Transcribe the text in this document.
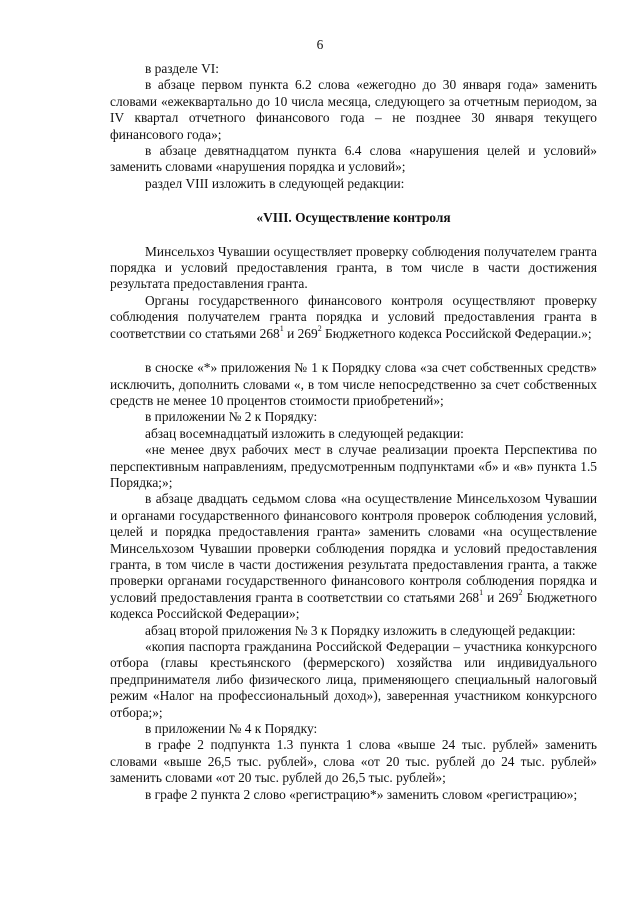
6

в разделе VI:

в абзаце первом пункта 6.2 слова «ежегодно до 30 января года» заменить словами «ежеквартально до 10 числа месяца, следующего за отчетным периодом, за IV квартал отчетного финансового года – не позднее 30 января текущего финансового года»;

в абзаце девятнадцатом пункта 6.4 слова «нарушения целей и условий» заменить словами «нарушения порядка и условий»;

раздел VIII изложить в следующей редакции:

«VIII. Осуществление контроля

Минсельхоз Чувашии осуществляет проверку соблюдения получателем гранта порядка и условий предоставления гранта, в том числе в части достижения результата предоставления гранта.

Органы государственного финансового контроля осуществляют проверку соблюдения получателем гранта порядка и условий предоставления гранта в соответствии со статьями $268^1$ и $269^2$ Бюджетного кодекса Российской Федерации.»;

в сноске «*» приложения № 1 к Порядку слова «за счет собственных средств» исключить, дополнить словами «, в том числе непосредственно за счет собственных средств не менее 10 процентов стоимости приобретений»;

в приложении № 2 к Порядку:

абзац восемнадцатый изложить в следующей редакции:

«не менее двух рабочих мест в случае реализации проекта Перспектива по перспективным направлениям, предусмотренным подпунктами «б» и «в» пункта 1.5 Порядка;»;

в абзаце двадцать седьмом слова «на осуществление Минсельхозом Чувашии и органами государственного финансового контроля проверок соблюдения условий, целей и порядка предоставления гранта» заменить словами «на осуществление Минсельхозом Чувашии проверки соблюдения порядка и условий предоставления гранта, в том числе в части достижения результата предоставления гранта, а также проверки органами государственного финансового контроля соблюдения порядка и условий предоставления гранта в соответствии со статьями $268^1$ и $269^2$ Бюджетного кодекса Российской Федерации»;

абзац второй приложения № 3 к Порядку изложить в следующей редакции:

«копия паспорта гражданина Российской Федерации – участника конкурсного отбора (главы крестьянского (фермерского) хозяйства или индивидуального предпринимателя либо физического лица, применяющего специальный налоговый режим «Налог на профессиональный доход»), заверенная участником конкурсного отбора;»;

в приложении № 4 к Порядку:

в графе 2 подпункта 1.3 пункта 1 слова «выше 24 тыс. рублей» заменить словами «выше 26,5 тыс. рублей», слова «от 20 тыс. рублей до 24 тыс. рублей» заменить словами «от 20 тыс. рублей до 26,5 тыс. рублей»;

в графе 2 пункта 2 слово «регистрацию*» заменить словом «регистрацию»;
